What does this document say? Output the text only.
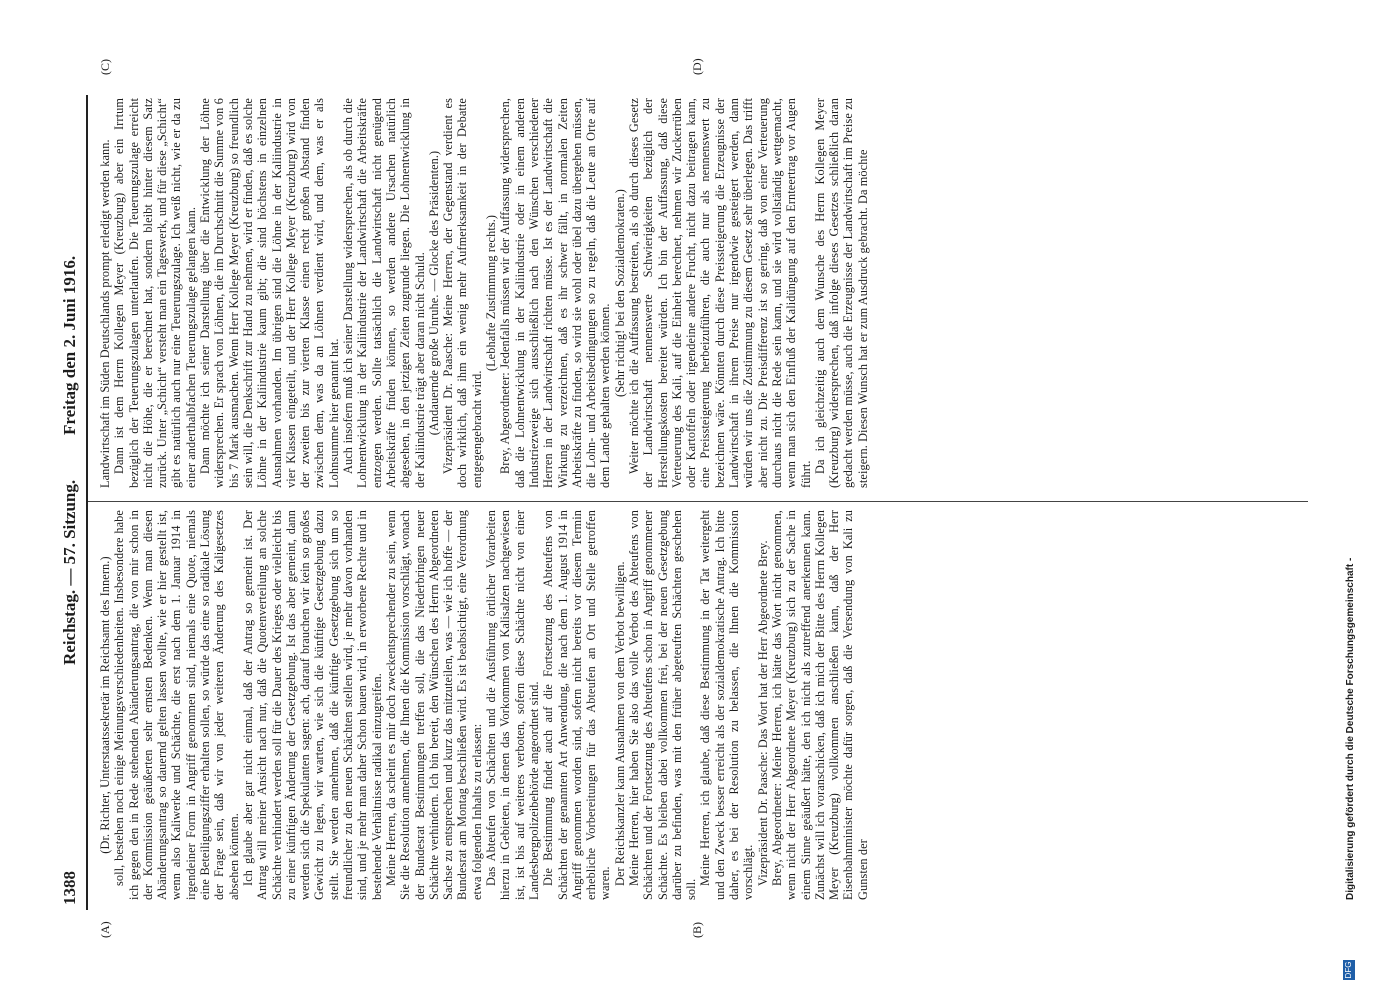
1388
Reichstag. — 57. Sitzung.
Freitag den 2. Juni 1916.
(A)	(B)
(C)	(D)

(Dr. Richter, Unterstaatssekretär im Reichsamt des Innern.) soll, bestehen noch einige Meinungsverschiedenheiten. Insbesondere habe ich gegen den in Rede stehenden Abänderungsantrag, die von mir schon in der Kommission geäußerten sehr ernsten Bedenken. Wenn man diesen Abänderungsantrag so dauernd gelten lassen wollte, wie er hier gestellt ist, wenn also Kaliwerke und Schächte, die erst nach dem 1. Januar 1914 in irgendeiner Form in Angriff genommen sind, niemals eine Quote, niemals eine Beteiligungsziffer erhalten sollen, so würde das eine so radikale Lösung der Frage sein, daß wir von jeder weiteren Änderung des Kaligesetzes absehen könnten. Ich glaube aber gar nicht einmal, daß der Antrag so gemeint ist. Der Antrag will meiner Ansicht nach nur, daß die Quotenverteilung an solche Schächte verhindert werden soll für die Dauer des Krieges oder vielleicht bis zu einer künftigen Änderung der Gesetzgebung. Ist das aber gemeint, dann werden sich die Spekulanten sagen: ach, darauf brauchen wir kein so großes Gewicht zu legen, wir warten, wie sich die künftige Gesetzgebung dazu stellt. Sie werden annehmen, daß die künftige Gesetzgebung sich um so freundlicher zu den neuen Schächten stellen wird, je mehr davon vorhanden sind, und je mehr man daher Schon bauen wird, in erworbene Rechte und in bestehende Verhältnisse radikal einzugreifen. Meine Herren, da scheint es mir doch zweckentsprechender zu sein, wenn Sie die Resolution annehmen, die Ihnen die Kommission vorschlägt, wonach der Bundesrat Bestimmungen treffen soll, die das Niederbringen neuer Schächte verhindern. Ich bin bereit, den Wünschen des Herrn Abgeordneten Sachse zu entsprechen und kurz das mitzuteilen, was — wie ich hoffe — der Bundesrat am Montag beschließen wird. Es ist beabsichtigt, eine Verordnung etwa folgenden Inhalts zu erlassen: Das Abteufen von Schächten und die Ausführung örtlicher Vorarbeiten hierzu in Gebieten, in denen das Vorkommen von Kalisalzen nachgewiesen ist, ist bis auf weiteres verboten, sofern diese Schächte nicht von einer Landesbergpolizeibehörde angeordnet sind. Die Bestimmung findet auch auf die Fortsetzung des Abteufens von Schächten der genannten Art Anwendung, die nach dem 1. August 1914 in Angriff genommen worden sind, sofern nicht bereits vor diesem Termin erhebliche Vorbereitungen für das Abteufen an Ort und Stelle getroffen waren. Der Reichskanzler kann Ausnahmen von dem Verbot bewilligen. Meine Herren, hier haben Sie also das volle Verbot des Abteufens von Schächten und der Fortsetzung des Abteufens schon in Angriff genommener Schächte. Es bleiben dabei vollkommen frei, bei der neuen Gesetzgebung darüber zu befinden, was mit den früher abgeteuften Schächten geschehen soll.

Meine Herren, ich glaube, daß diese Bestimmung in der Tat weitergeht und den Zweck besser erreicht als der sozialdemokratische Antrag. Ich bitte daher, es bei der Resolution zu belassen, die Ihnen die Kommission vorschlägt. Vizepräsident Dr. Paasche: Das Wort hat der Herr Abgeordnete Brey. Brey, Abgeordneter: Meine Herren, ich hätte das Wort nicht genommen, wenn nicht der Herr Abgeordnete Meyer (Kreuzburg) sich zu der Sache in einem Sinne geäußert hätte, den ich nicht als zutreffend anerkennen kann. Zunächst will ich voranschicken, daß ich mich der Bitte des Herrn Kollegen Meyer (Kreuzburg) vollkommen anschließen kann, daß der Herr Eisenbahnminister möchte dafür sorgen, daß die Versendung von Kali zu Gunsten der

Landwirtschaft im Süden Deutschlands prompt erledigt werden kann. Dann ist dem Herrn Kollegen Meyer (Kreuzburg) aber ein Irrtum bezüglich der Teuerungszulagen unterlaufen. Die Teuerungszulage erreicht nicht die Höhe, die er berechnet hat, sondern bleibt hinter diesem Satz zurück. Unter „Schicht“ versteht man ein Tageswerk, und für diese „Schicht“ gibt es natürlich auch nur eine Teuerungszulage. Ich weiß nicht, wie er da zu einer anderthalbfachen Teuerungszulage gelangen kann. Dann möchte ich seiner Darstellung über die Entwicklung der Löhne widersprechen. Er sprach von Löhnen, die im Durchschnitt die Summe von 6 bis 7 Mark ausmachen. Wenn Herr Kollege Meyer (Kreuzburg) so freundlich sein will, die Denkschrift zur Hand zu nehmen, wird er finden, daß es solche Löhne in der Kaliindustrie kaum gibt; die sind höchstens in einzelnen Ausnahmen vorhanden. Im übrigen sind die Löhne in der Kaliindustrie in vier Klassen eingeteilt, und der Herr Kollege Meyer (Kreuzburg) wird von der zweiten bis zur vierten Klasse einen recht großen Abstand finden zwischen dem, was da an Löhnen verdient wird, und dem, was er als Lohnsumme hier genannt hat. Auch insofern muß ich seiner Darstellung widersprechen, als ob durch die Lohnentwicklung in der Kaliindustrie der Landwirtschaft die Arbeitskräfte entzogen werden. Sollte tatsächlich die Landwirtschaft nicht genügend Arbeitskräfte finden können, so werden andere Ursachen natürlich abgesehen, in den jetzigen Zeiten zugrunde liegen. Die Lohnentwicklung in der Kaliindustrie trägt aber daran nicht Schuld. (Andauernde große Unruhe. — Glocke des Präsidenten.) Vizepräsident Dr. Paasche: Meine Herren, der Gegenstand verdient es doch wirklich, daß ihm ein wenig mehr Aufmerksamkeit in der Debatte entgegengebracht wird.

(Lebhafte Zustimmung rechts.) Brey, Abgeordneter: Jedenfalls müssen wir der Auffassung widersprechen, daß die Lohnentwicklung in der Kaliindustrie oder in einem anderen Industriezweige sich ausschließlich nach den Wünschen verschiedener Herren in der Landwirtschaft richten müsse. Ist es der Landwirtschaft die Wirkung zu verzeichnen, daß es ihr schwer fällt, in normalen Zeiten Arbeitskräfte zu finden, so wird sie wohl oder übel dazu übergehen müssen, die Lohn- und Arbeitsbedingungen so zu regeln, daß die Leute an Orte auf dem Lande gehalten werden können. (Sehr richtig! bei den Sozialdemokraten.) Weiter möchte ich die Auffassung bestreiten, als ob durch dieses Gesetz der Landwirtschaft nennenswerte Schwierigkeiten bezüglich der Herstellungskosten bereitet würden. Ich bin der Auffassung, daß diese Verteuerung des Kali, auf die Einheit berechnet, nehmen wir Zuckerrüben oder Kartoffeln oder irgendeine andere Frucht, nicht dazu beitragen kann, eine Preissteigerung herbeizuführen, die auch nur als nennenswert zu bezeichnen wäre. Könnten durch diese Preissteigerung die Erzeugnisse der Landwirtschaft in ihrem Preise nur irgendwie gesteigert werden, dann würden wir uns die Zustimmung zu diesem Gesetz sehr überlegen. Das trifft aber nicht zu. Die Preisdifferenz ist so gering, daß von einer Verteuerung durchaus nicht die Rede sein kann, und sie wird vollständig wettgemacht, wenn man sich den Einfluß der Kalidüngung auf den Ernteertrag vor Augen führt.

Da ich gleichzeitig auch dem Wunsche des Herrn Kollegen Meyer (Kreuzburg) widersprechen, daß infolge dieses Gesetzes schließlich daran gedacht werden müsse, auch die Erzeugnisse der Landwirtschaft im Preise zu steigern. Diesen Wunsch hat er zum Ausdruck gebracht. Da möchte

DFG
Digitalisierung gefördert durch die Deutsche Forschungsgemeinschaft -
